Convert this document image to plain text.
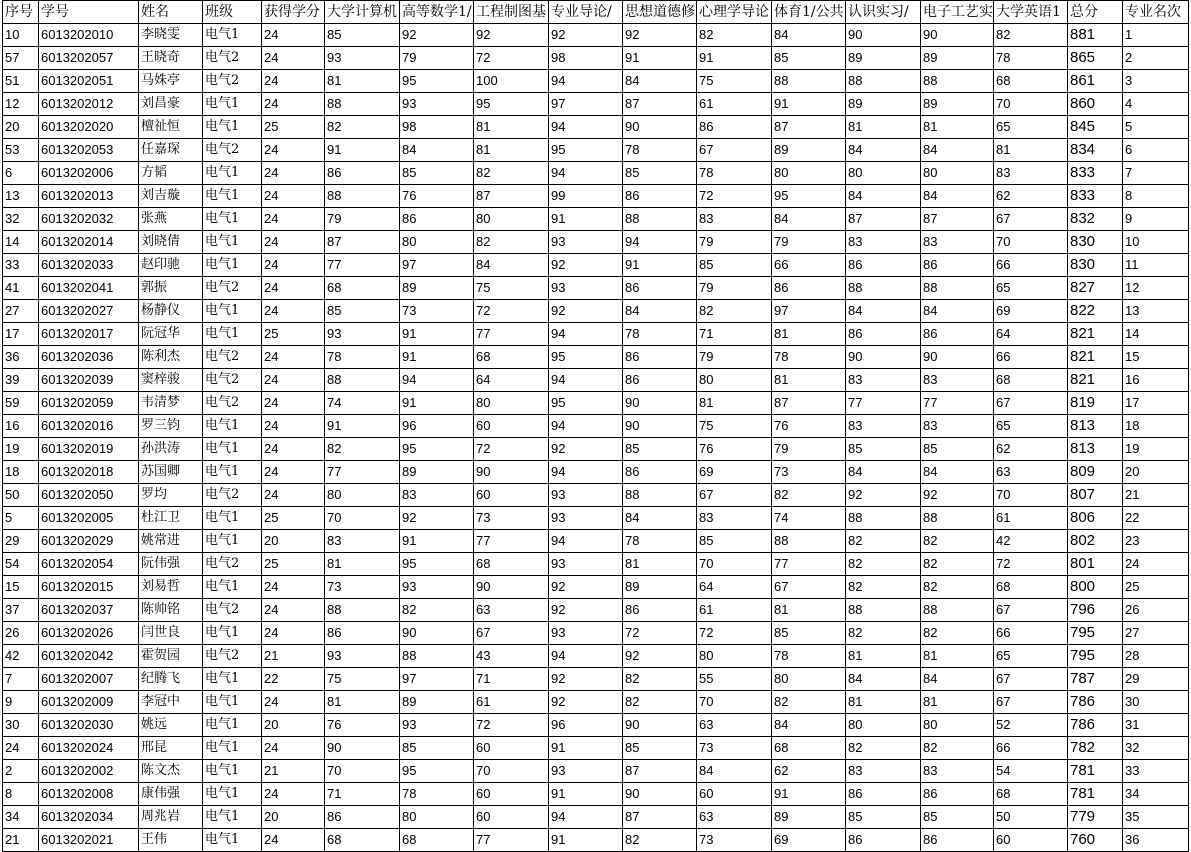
序号	学号	姓名	班级	获得学分	大学计算机	高等数学1/	工程制图基	专业导论/	思想道德修	心理学导论	体育1/公共	认识实习/	电子工艺实	大学英语1	总分	专业名次
10	6013202010	李晓雯	电气1	24	85	92	92	92	92	82	84	90	90	82	881	1
57	6013202057	王晓奇	电气2	24	93	79	72	98	91	91	85	89	89	78	865	2
51	6013202051	马姝亭	电气2	24	81	95	100	94	84	75	88	88	88	68	861	3
12	6013202012	刘昌豪	电气1	24	88	93	95	97	87	61	91	89	89	70	860	4
20	6013202020	檀祉恒	电气1	25	82	98	81	94	90	86	87	81	81	65	845	5
53	6013202053	任嘉琛	电气2	24	91	84	81	95	78	67	89	84	84	81	834	6
6	6013202006	方韬	电气1	24	86	85	82	94	85	78	80	80	80	83	833	7
13	6013202013	刘吉璇	电气1	24	88	76	87	99	86	72	95	84	84	62	833	8
32	6013202032	张燕	电气1	24	79	86	80	91	88	83	84	87	87	67	832	9
14	6013202014	刘晓倩	电气1	24	87	80	82	93	94	79	79	83	83	70	830	10
33	6013202033	赵印驰	电气1	24	77	97	84	92	91	85	66	86	86	66	830	11
41	6013202041	郭振	电气2	24	68	89	75	93	86	79	86	88	88	65	827	12
27	6013202027	杨静仪	电气1	24	85	73	72	92	84	82	97	84	84	69	822	13
17	6013202017	阮冠华	电气1	25	93	91	77	94	78	71	81	86	86	64	821	14
36	6013202036	陈利杰	电气2	24	78	91	68	95	86	79	78	90	90	66	821	15
39	6013202039	窦梓骏	电气2	24	88	94	64	94	86	80	81	83	83	68	821	16
59	6013202059	韦清梦	电气2	24	74	91	80	95	90	81	87	77	77	67	819	17
16	6013202016	罗三钧	电气1	24	91	96	60	94	90	75	76	83	83	65	813	18
19	6013202019	孙洪涛	电气1	24	82	95	72	92	85	76	79	85	85	62	813	19
18	6013202018	苏国卿	电气1	24	77	89	90	94	86	69	73	84	84	63	809	20
50	6013202050	罗均	电气2	24	80	83	60	93	88	67	82	92	92	70	807	21
5	6013202005	杜江卫	电气1	25	70	92	73	93	84	83	74	88	88	61	806	22
29	6013202029	姚常进	电气1	20	83	91	77	94	78	85	88	82	82	42	802	23
54	6013202054	阮伟强	电气2	25	81	95	68	93	81	70	77	82	82	72	801	24
15	6013202015	刘易哲	电气1	24	73	93	90	92	89	64	67	82	82	68	800	25
37	6013202037	陈帅铭	电气2	24	88	82	63	92	86	61	81	88	88	67	796	26
26	6013202026	闫世良	电气1	24	86	90	67	93	72	72	85	82	82	66	795	27
42	6013202042	霍贺园	电气2	21	93	88	43	94	92	80	78	81	81	65	795	28
7	6013202007	纪腾飞	电气1	22	75	97	71	92	82	55	80	84	84	67	787	29
9	6013202009	李冠中	电气1	24	81	89	61	92	82	70	82	81	81	67	786	30
30	6013202030	姚远	电气1	20	76	93	72	96	90	63	84	80	80	52	786	31
24	6013202024	邢昆	电气1	24	90	85	60	91	85	73	68	82	82	66	782	32
2	6013202002	陈文杰	电气1	21	70	95	70	93	87	84	62	83	83	54	781	33
8	6013202008	康伟强	电气1	24	71	78	60	91	90	60	91	86	86	68	781	34
34	6013202034	周兆岩	电气1	20	86	80	60	94	87	63	89	85	85	50	779	35
21	6013202021	王伟	电气1	24	68	68	77	91	82	73	69	86	86	60	760	36
